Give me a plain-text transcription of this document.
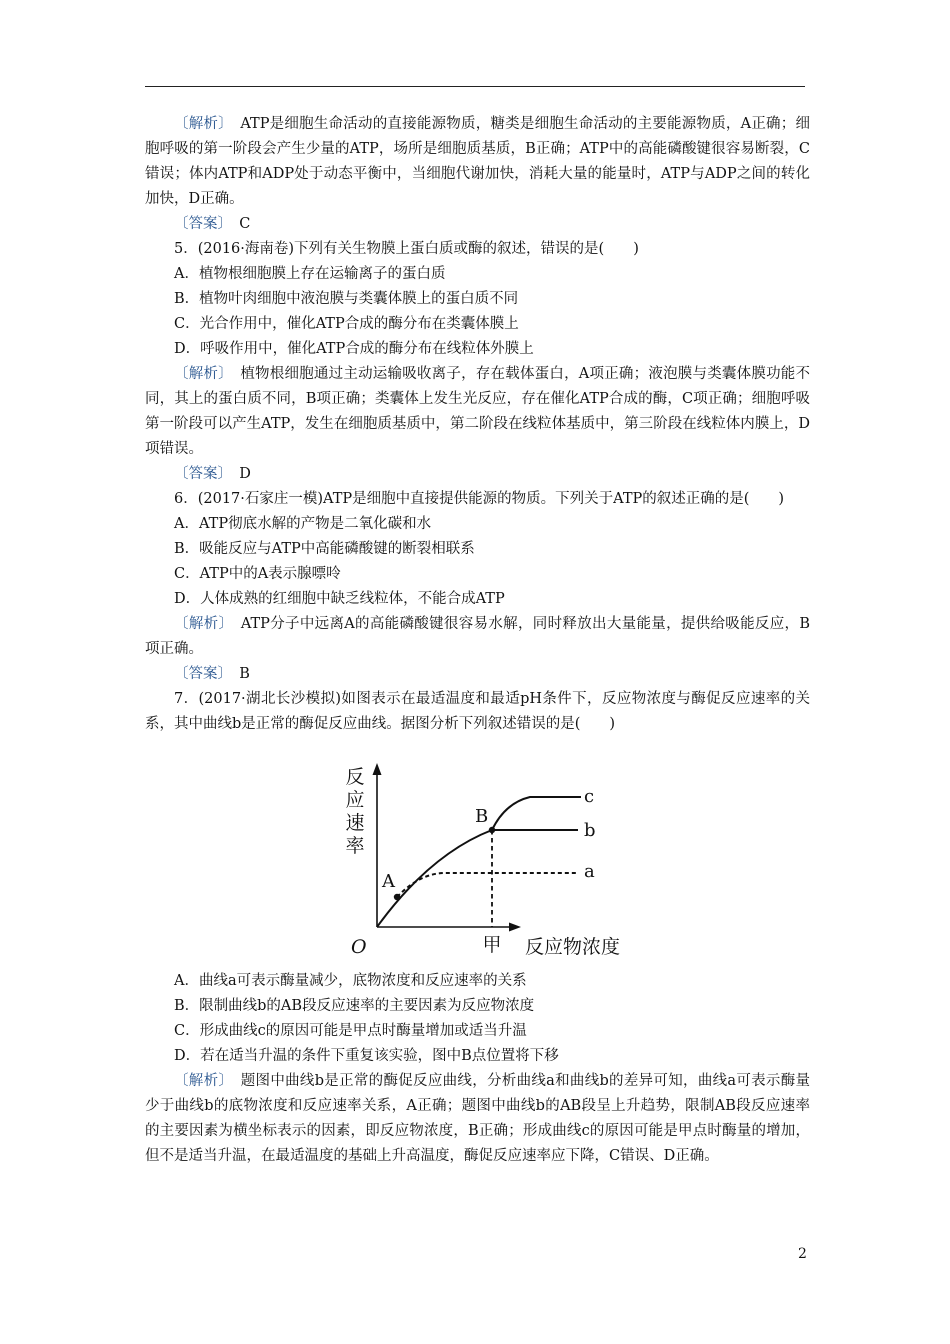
〔 解析 〕　 ATP是细胞生命活动的直接能源物质，糖类是细胞生命活动的主要能源物质，A正确；细胞呼吸的第一阶段会产生少量的ATP，场所是细胞质基质，B正确；ATP中的高能磷酸键很容易断裂，C错误；体内ATP和ADP处于动态平衡中，当细胞代谢加快，消耗大量的能量时，ATP与ADP之间的转化加快，D正确。

〔 答案 〕　 C

5．(2016·海南卷)下列有关生物膜上蛋白质或酶的叙述，错误的是(　　)

A．植物根细胞膜上存在运输离子的蛋白质

B．植物叶肉细胞中液泡膜与类囊体膜上的蛋白质不同

C．光合作用中，催化ATP合成的酶分布在类囊体膜上

D．呼吸作用中，催化ATP合成的酶分布在线粒体外膜上

〔 解析 〕　 植物根细胞通过主动运输吸收离子，存在载体蛋白，A项正确；液泡膜与类囊体膜功能不同，其上的蛋白质不同，B项正确；类囊体上发生光反应，存在催化ATP合成的酶，C项正确；细胞呼吸第一阶段可以产生ATP，发生在细胞质基质中，第二阶段在线粒体基质中，第三阶段在线粒体内膜上，D项错误。

〔 答案 〕　 D

6．(2017·石家庄一模)ATP是细胞中直接提供能源的物质。下列关于ATP的叙述正确的是(　　)

A．ATP彻底水解的产物是二氧化碳和水

B．吸能反应与ATP中高能磷酸键的断裂相联系

C．ATP中的A表示腺嘌呤

D．人体成熟的红细胞中缺乏线粒体，不能合成ATP

〔 解析 〕　 ATP分子中远离A的高能磷酸键很容易水解，同时释放出大量能量，提供给吸能反应，B项正确。

〔 答案 〕　 B

7．(2017·湖北长沙模拟)如图表示在最适温度和最适pH条件下，反应物浓度与酶促反应速率的关系，其中曲线b是正常的酶促反应曲线。据图分析下列叙述错误的是(　　)

反
应
速
率
O
A
B
c
b
a
甲 反应物浓度

A．曲线a可表示酶量减少，底物浓度和反应速率的关系

B．限制曲线b的AB段反应速率的主要因素为反应物浓度

C．形成曲线c的原因可能是甲点时酶量增加或适当升温

D．若在适当升温的条件下重复该实验，图中B点位置将下移

〔 解析 〕　 题图中曲线b是正常的酶促反应曲线，分析曲线a和曲线b的差异可知，曲线a可表示酶量少于曲线b的底物浓度和反应速率关系，A正确；题图中曲线b的AB段呈上升趋势，限制AB段反应速率的主要因素为横坐标表示的因素，即反应物浓度，B正确；形成曲线c的原因可能是甲点时酶量的增加，但不是适当升温，在最适温度的基础上升高温度，酶促反应速率应下降，C错误、D正确。

2
